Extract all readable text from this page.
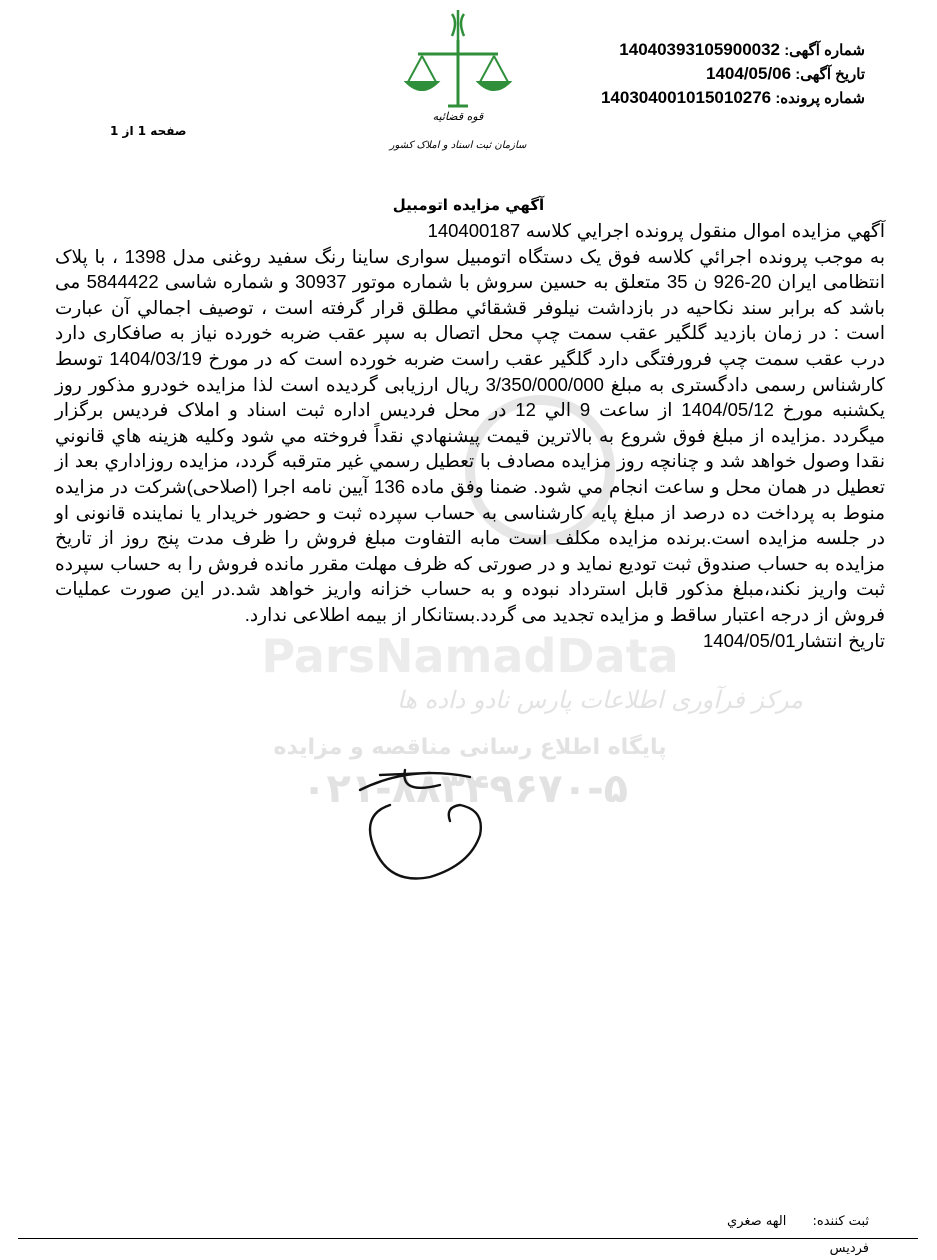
مرکز فرآوری اطلاعات پارس نادو داده ها
پایگاه اطلاع رسانی مناقصه و مزایده
۰۲۱-۸۸۳۴۹۶۷۰-۵
ParsNamadData
قوه قضائیه
سازمان ثبت اسناد و املاک کشور
شماره آگهی: 14040393105900032
تاریخ آگهی: 1404/05/06
شماره پرونده: 140304001015010276
صفحه 1 از 1
آگهي مزايده اتومبيل

آگهي مزايده اموال منقول پرونده اجرايي كلاسه 140400187

به موجب پرونده اجرائي كلاسه فوق يک دستگاه اتومبيل سواری ساينا رنگ سفيد روغنی مدل 1398 ، با پلاک انتظامی ايران 20-926 ن 35 متعلق به حسين سروش با شماره موتور 30937 و شماره شاسی 5844422 می باشد كه برابر سند نكاحيه در بازداشت نيلوفر قشقائي مطلق قرار گرفته است ، توصيف اجمالي آن عبارت است : در زمان بازديد گلگير عقب سمت چپ محل اتصال به سپر عقب ضربه خورده نياز به صافكاری دارد درب عقب سمت چپ فرورفتگی دارد گلگير عقب راست ضربه خورده است كه در مورخ 1404/03/19 توسط كارشناس رسمی دادگستری به مبلغ 3/350/000/000 ريال ارزيابی گرديده است لذا مزايده خودرو مذكور روز يكشنبه مورخ 1404/05/12 از ساعت 9 الي 12 در محل فرديس اداره ثبت اسناد و املاک فرديس برگزار ميگردد .مزايده از مبلغ فوق شروع به بالاترين قيمت پيشنهادي نقداً فروخته مي شود وكليه هزينه هاي قانوني نقدا وصول خواهد شد و چنانچه روز مزايده مصادف با تعطيل رسمي غير مترقبه گردد، مزايده روزاداري بعد از تعطيل در همان محل و ساعت انجام مي شود. ضمنا وفق ماده 136 آيين نامه اجرا (اصلاحی)شركت در مزايده منوط به پرداخت ده درصد از مبلغ پايه كارشناسی به حساب سپرده ثبت و حضور خريدار يا نماينده قانونی او در جلسه مزايده است.برنده مزايده مكلف است مابه التفاوت مبلغ فروش را ظرف مدت پنج روز از تاريخ مزايده به حساب صندوق ثبت توديع نمايد و در صورتی كه ظرف مهلت مقرر مانده فروش را به حساب سپرده ثبت واريز نكند،مبلغ مذكور قابل استرداد نبوده و به حساب خزانه واريز خواهد شد.در اين صورت عمليات فروش از درجه اعتبار ساقط و مزايده تجديد می گردد.بستانكار از بيمه اطلاعی ندارد.

تاريخ انتشار1404/05/01

ثبت كننده: الهه صغري
فرديس
